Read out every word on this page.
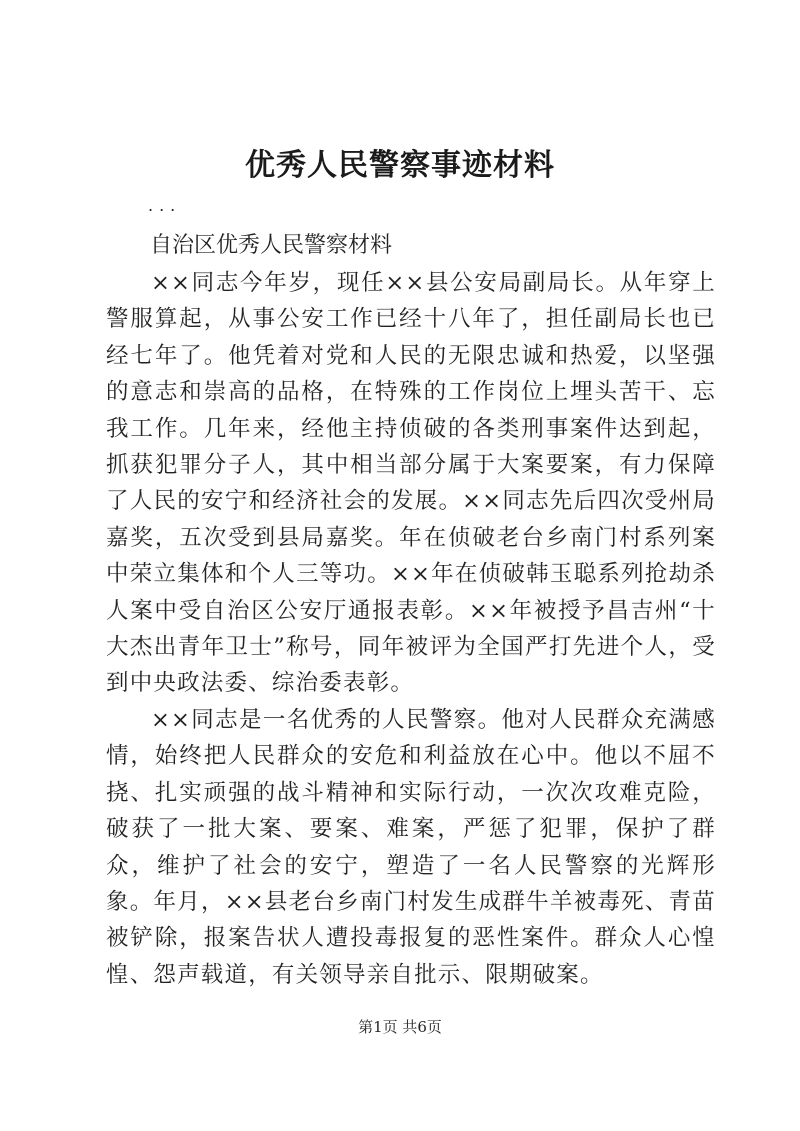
优秀人民警察事迹材料

...

自治区优秀人民警察材料

××同志今年岁，现任××县公安局副局长。从年穿上警服算起，从事公安工作已经十八年了，担任副局长也已经七年了。他凭着对党和人民的无限忠诚和热爱，以坚强的意志和崇高的品格，在特殊的工作岗位上埋头苦干、忘我工作。几年来，经他主持侦破的各类刑事案件达到起，抓获犯罪分子人，其中相当部分属于大案要案，有力保障了人民的安宁和经济社会的发展。××同志先后四次受州局嘉奖，五次受到县局嘉奖。年在侦破老台乡南门村系列案中荣立集体和个人三等功。××年在侦破韩玉聪系列抢劫杀人案中受自治区公安厅通报表彰。××年被授予昌吉州“十大杰出青年卫士”称号，同年被评为全国严打先进个人，受到中央政法委、综治委表彰。

××同志是一名优秀的人民警察。他对人民群众充满感情，始终把人民群众的安危和利益放在心中。他以不屈不挠、扎实顽强的战斗精神和实际行动，一次次攻难克险，破获了一批大案、要案、难案，严惩了犯罪，保护了群众，维护了社会的安宁，塑造了一名人民警察的光辉形象。年月，××县老台乡南门村发生成群牛羊被毒死、青苗被铲除，报案告状人遭投毒报复的恶性案件。群众人心惶惶、怨声载道，有关领导亲自批示、限期破案。

第1页 共6页
